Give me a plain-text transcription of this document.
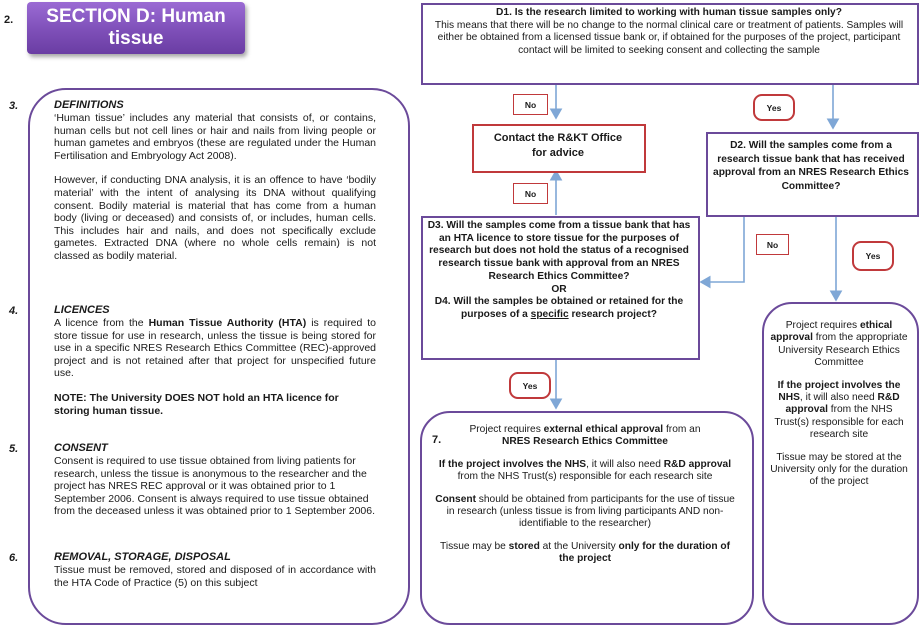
2. SECTION D: Human
tissue
3.	DEFINITIONS

‘Human tissue’ includes any material that consists of, or contains, human cells but not cell lines or hair and nails from living people or human gametes and embryos (these are regulated under the Human Fertilisation and Embryology Act 2008).

However, if conducting DNA analysis, it is an offence to have ‘bodily material’ with the intent of analysing its DNA without qualifying consent. Bodily material is material that has come from a human body (living or deceased) and consists of, or includes, human cells. This includes hair and nails, and does not specifically exclude gametes. Extracted DNA (where no whole cells remain) is not classed as bodily material.

4.	LICENCES

A licence from the Human Tissue Authority (HTA) is required to store tissue for use in research, unless the tissue is being stored for use in a specific NRES Research Ethics Committee (REC)-approved project and is not retained after that project for unspecified future use.

NOTE: The University DOES NOT hold an HTA licence for storing human tissue.

5.	CONSENT

Consent is required to use tissue obtained from living patients for research, unless the tissue is anonymous to the researcher and the project has NRES REC approval or it was obtained prior to 1 September 2006. Consent is always required to use tissue obtained from the deceased unless it was obtained prior to 1 September 2006.

6.	REMOVAL, STORAGE, DISPOSAL

Tissue must be removed, stored and disposed of in accordance with the HTA Code of Practice (5) on this subject

D1. Is the research limited to working with human tissue samples only?
This means that there will be no change to the normal clinical care or treatment of patients. Samples will either be obtained from a licensed tissue bank or, if obtained for the purposes of the project, participant contact will be limited to seeking consent and collecting the sample
No	Yes
Contact the R&KT Office for advice
No
D2. Will the samples come from a research tissue bank that has received approval from an NRES Research Ethics Committee?
No
Yes
D3. Will the samples come from a tissue bank that has an HTA licence to store tissue for the purposes of research but does not hold the status of a recognised research tissue bank with approval from an NRES Research Ethics Committee?
OR
D4. Will the samples be obtained or retained for the purposes of a specific research project?
Yes

Project requires external ethical approval from an

NRES Research Ethics Committee

If the project involves the NHS, it will also need R&D approval from the NHS Trust(s) responsible for each research site

Consent should be obtained from participants for the use of tissue in research (unless tissue is from living participants AND non-identifiable to the researcher)

Tissue may be stored at the University only for the duration of the project

7.

Project requires ethical approval from the appropriate University Research Ethics Committee

If the project involves the NHS, it will also need R&D approval from the NHS Trust(s) responsible for each research site

Tissue may be stored at the University only for the duration of the project
